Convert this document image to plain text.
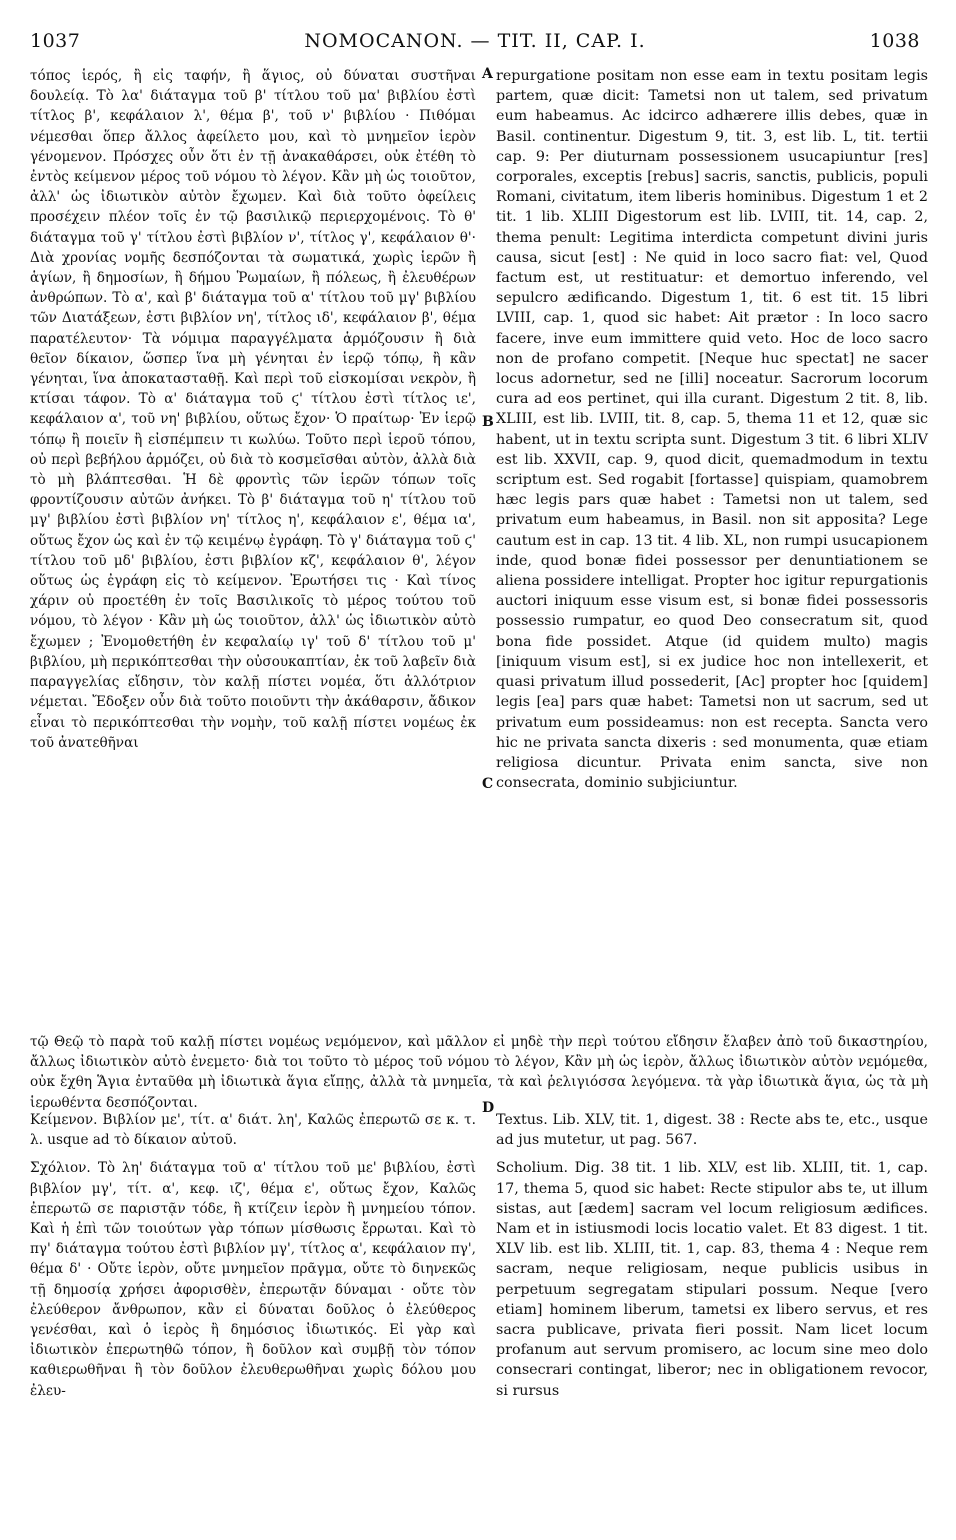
1037	NOMOCANON. — TIT. II, CAP. I.	1038

τόπος ἱερός, ἢ εἰς ταφήν, ἢ ἅγιος, οὐ δύναται συστῆναι δουλείᾳ. Τὸ λα' διάταγμα τοῦ β' τίτλου τοῦ μα' βιβλίου ἐστὶ τίτλος β', κεφάλαιον λ', θέμα β', τοῦ ν' βιβλίου · Πιθόμαι νέμεσθαι ὅπερ ἄλλος ἀφείλετο μου, καὶ τὸ μνημεῖον ἱερὸν γένομενον. Πρόσχες οὖν ὅτι ἐν τῇ ἀνακαθάρσει, οὐκ ἐτέθη τὸ ἐντὸς κείμενον μέρος τοῦ νόμου τὸ λέγον. Κἂν μὴ ὡς τοιοῦτον, ἀλλ' ὡς ἰδιωτικὸν αὐτὸν ἔχωμεν. Καὶ διὰ τοῦτο ὀφείλεις προσέχειν πλέον τοῖς ἐν τῷ βασιλικῷ περιερχομένοις. Τὸ θ' διάταγμα τοῦ γ' τίτλου ἐστὶ βιβλίον ν', τίτλος γ', κεφάλαιον θ'· Διὰ χρονίας νομῆς δεσπόζονται τὰ σωματικά, χωρὶς ἱερῶν ἢ ἁγίων, ἢ δημοσίων, ἢ δήμου Ῥωμαίων, ἢ πόλεως, ἢ ἐλευθέρων ἀνθρώπων. Τὸ α', καὶ β' διάταγμα τοῦ α' τίτλου τοῦ μγ' βιβλίου τῶν Διατάξεων, ἐστι βιβλίον νη', τίτλος ιδ', κεφάλαιον β', θέμα παρατέλευτον· Τὰ νόμιμα παραγγέλματα ἁρμόζουσιν ἢ διὰ θεῖον δίκαιον, ὥσπερ ἵνα μὴ γένηται ἐν ἱερῷ τόπῳ, ἢ κἂν γένηται, ἵνα ἀποκατασταθῇ. Καὶ περὶ τοῦ εἰσκομίσαι νεκρὸν, ἢ κτίσαι τάφον. Τὸ α' διάταγμα τοῦ ϛ' τίτλου ἐστὶ τίτλος ιε', κεφάλαιον α', τοῦ νη' βιβλίου, οὕτως ἔχον· Ὁ πραίτωρ· Ἐν ἱερῷ τόπῳ ἢ ποιεῖν ἢ εἰσπέμπειν τι κωλύω. Τοῦτο περὶ ἱεροῦ τόπου, οὐ περὶ βεβήλου ἁρμόζει, οὐ διὰ τὸ κοσμεῖσθαι αὐτὸν, ἀλλὰ διὰ τὸ μὴ βλάπτεσθαι. Ἡ δὲ φροντὶς τῶν ἱερῶν τόπων τοῖς φροντίζουσιν αὐτῶν ἀνήκει. Τὸ β' διάταγμα τοῦ η' τίτλου τοῦ μγ' βιβλίου ἐστὶ βιβλίον νη' τίτλος η', κεφάλαιον ε', θέμα ια', οὕτως ἔχον ὡς καὶ ἐν τῷ κειμένῳ ἐγράφη. Τὸ γ' διάταγμα τοῦ ϛ' τίτλου τοῦ μδ' βιβλίου, ἐστι βιβλίον κζ', κεφάλαιον θ', λέγον οὕτως ὡς ἐγράφη εἰς τὸ κείμενον. Ἐρωτήσει τις · Καὶ τίνος χάριν οὐ προετέθη ἐν τοῖς Βασιλικοῖς τὸ μέρος τούτου τοῦ νόμου, τὸ λέγον · Κἂν μὴ ὡς τοιοῦτον, ἀλλ' ὡς ἰδιωτικὸν αὐτὸ ἔχωμεν ; Ἐνομοθετήθη ἐν κεφαλαίῳ ιγ' τοῦ δ' τίτλου τοῦ μ' βιβλίου, μὴ περικόπτεσθαι τὴν οὐσουκαπτίαν, ἐκ τοῦ λαβεῖν διὰ παραγγελίας εἴδησιν, τὸν καλῇ πίστει νομέα, ὅτι ἀλλότριον νέμεται. Ἔδοξεν οὖν διὰ τοῦτο ποιοῦντι τὴν ἀκάθαρσιν, ἄδικον εἶναι τὸ περικόπτεσθαι τὴν νομὴν, τοῦ καλῇ πίστει νομέως ἐκ τοῦ ἀνατεθῆναι

repurgatione positam non esse eam in textu positam legis partem, quæ dicit: Tametsi non ut talem, sed privatum eum habeamus. Ac idcirco adhærere illis debes, quæ in Basil. continentur. Digestum 9, tit. 3, est lib. L, tit. tertii cap. 9: Per diuturnam possessionem usucapiuntur [res] corporales, exceptis [rebus] sacris, sanctis, publicis, populi Romani, civitatum, item liberis hominibus. Digestum 1 et 2 tit. 1 lib. XLIII Digestorum est lib. LVIII, tit. 14, cap. 2, thema penult: Legitima interdicta competunt divini juris causa, sicut [est] : Ne quid in loco sacro fiat: vel, Quod factum est, ut restituatur: et demortuo inferendo, vel sepulcro ædificando. Digestum 1, tit. 6 est tit. 15 libri LVIII, cap. 1, quod sic habet: Ait prætor : In loco sacro facere, inve eum immittere quid veto. Hoc de loco sacro non de profano competit. [Neque huc spectat] ne sacer locus adornetur, sed ne [illi] noceatur. Sacrorum locorum cura ad eos pertinet, qui illa curant. Digestum 2 tit. 8, lib. XLIII, est lib. LVIII, tit. 8, cap. 5, thema 11 et 12, quæ sic habent, ut in textu scripta sunt. Digestum 3 tit. 6 libri XLIV est lib. XXVII, cap. 9, quod dicit, quemadmodum in textu scriptum est. Sed rogabit [fortasse] quispiam, quamobrem hæc legis pars quæ habet : Tametsi non ut talem, sed privatum eum habeamus, in Basil. non sit apposita? Lege cautum est in cap. 13 tit. 4 lib. XL, non rumpi usucapionem inde, quod bonæ fidei possessor per denuntiationem se aliena possidere intelligat. Propter hoc igitur repurgationis auctori iniquum esse visum est, si bonæ fidei possessoris possessio rumpatur, eo quod Deo consecratum sit, quod bona fide possidet. Atque (id quidem multo) magis [iniquum visum est], si ex judice hoc non intellexerit, et quasi privatum illud possederit, [Ac] propter hoc [quidem] legis [ea] pars quæ habet: Tametsi non ut sacrum, sed ut privatum eum possideamus: non est recepta. Sancta vero hic ne privata sancta dixeris : sed monumenta, quæ etiam religiosa dicuntur. Privata enim sancta, sive non consecrata, dominio subjiciuntur.

A
B
C
D

τῷ Θεῷ τὸ παρὰ τοῦ καλῇ πίστει νομέως νεμόμενον, καὶ μᾶλλον εἰ μηδὲ τὴν περὶ τούτου εἴδησιν ἔλαβεν ἀπὸ τοῦ δικαστηρίου, ἄλλως ἰδιωτικὸν αὐτὸ ἐνεμετο· διὰ τοι τοῦτο τὸ μέρος τοῦ νόμου τὸ λέγον, Κἂν μὴ ὡς ἱερὸν, ἄλλως ἰδιωτικὸν αὐτὸν νεμόμεθα, οὐκ ἔχθη Ἅγια ἐνταῦθα μὴ ἰδιωτικὰ ἅγια εἴπῃς, ἀλλὰ τὰ μνημεῖα, τὰ καὶ ῥελιγιόσσα λεγόμενα. τὰ γὰρ ἰδιωτικὰ ἅγια, ὡς τὰ μὴ ἱερωθέντα δεσπόζονται.

Κείμενον. Βιβλίον με', τίτ. α' διάτ. λη', Καλῶς ἐπερωτῶ σε κ. τ. λ. usque ad τὸ δίκαιον αὐτοῦ.

Σχόλιον. Τὸ λη' διάταγμα τοῦ α' τίτλου τοῦ με' βιβλίου, ἐστὶ βιβλίον μγ', τίτ. α', κεφ. ιζ', θέμα ε', οὕτως ἔχον, Καλῶς ἐπερωτῶ σε παριστᾷν τόδε, ἢ κτίζειν ἱερὸν ἢ μνημείου τόπον. Καὶ ἡ ἐπὶ τῶν τοιούτων γὰρ τόπων μίσθωσις ἔρρωται. Καὶ τὸ πγ' διάταγμα τούτου ἐστὶ βιβλίον μγ', τίτλος α', κεφάλαιον πγ', θέμα δ' · Οὔτε ἱερὸν, οὔτε μνημεῖον πρᾶγμα, οὔτε τὸ διηνεκῶς τῇ δημοσίᾳ χρήσει ἀφορισθὲν, ἐπερωτᾷν δύναμαι · οὔτε τὸν ἐλεύθερον ἄνθρωπον, κἂν εἰ δύναται δοῦλος ὁ ἐλεύθερος γενέσθαι, καὶ ὁ ἱερὸς ἢ δημόσιος ἰδιωτικός. Εἰ γὰρ καὶ ἰδιωτικὸν ἐπερωτηθῶ τόπον, ἢ δοῦλον καὶ συμβῇ τὸν τόπον καθιερωθῆναι ἢ τὸν δοῦλον ἐλευθερωθῆναι χωρὶς δόλου μου ἐλευ-

Textus. Lib. XLV, tit. 1, digest. 38 : Recte abs te, etc., usque ad jus mutetur, ut pag. 567.

Scholium. Dig. 38 tit. 1 lib. XLV, est lib. XLIII, tit. 1, cap. 17, thema 5, quod sic habet: Recte stipulor abs te, ut illum sistas, aut [ædem] sacram vel locum religiosum ædifices. Nam et in istiusmodi locis locatio valet. Et 83 digest. 1 tit. XLV lib. est lib. XLIII, tit. 1, cap. 83, thema 4 : Neque rem sacram, neque religiosam, neque publicis usibus in perpetuum segregatam stipulari possum. Neque [vero etiam] hominem liberum, tametsi ex libero servus, et res sacra publicave, privata fieri possit. Nam licet locum profanum aut servum promisero, ac locum sine meo dolo consecrari contingat, liberor; nec in obligationem revocor, si rursus
